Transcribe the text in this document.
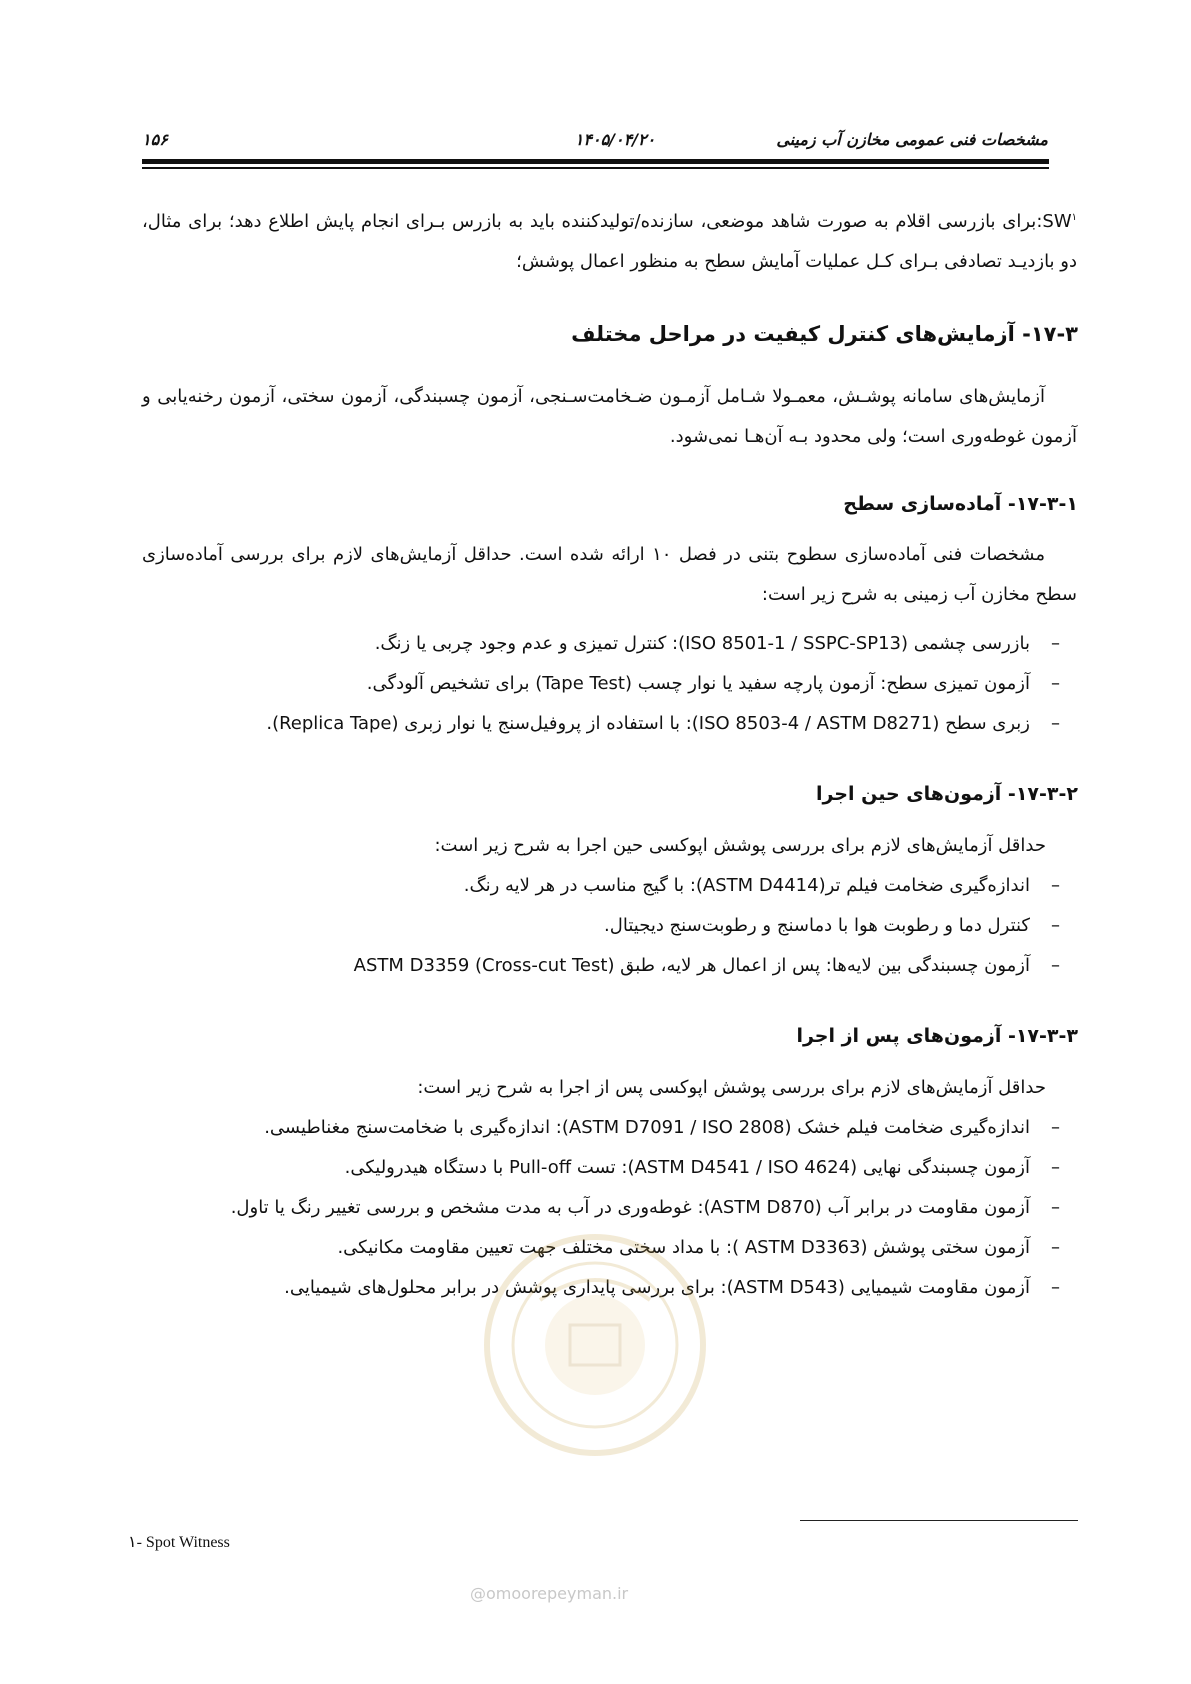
مشخصات فنی عمومی مخازن آب زمینی
۱۴۰۵/۰۴/۲۰
۱۵۶
$SW^۱:برای$ بازرسی اقلام به صورت شاهد موضعی، سازنده/تولیدکننده باید به بازرس بـرای انجام پایش اطلاع دهد؛ برای مثال، دو بازدیـد تصادفی بـرای کـل عملیات آمایش سطح به منظور اعمال پوشش؛
۱۷-۳- آزمایش‌های کنترل کیفیت در مراحل مختلف
آزمایش‌های سامانه پوشـش، معمـولا شـامل آزمـون ضـخامت‌سـنجی، آزمون چسبندگی، آزمون سختی، آزمون رخنه‌یابی و آزمون غوطه‌وری است؛ ولی محدود بـه آن‌هـا نمی‌شود.
۱۷-۳-۱- آماده‌سازی سطح
مشخصات فنی آماده‌سازی سطوح بتنی در فصل ۱۰ ارائه شده است. حداقل آزمایش‌های لازم برای بررسی آماده‌سازی سطح مخازن آب زمینی به شرح زیر است:
–
بازرسی چشمی (ISO 8501-1 / SSPC-SP13): کنترل تمیزی و عدم وجود چربی یا زنگ.
–
آزمون تمیزی سطح: آزمون پارچه سفید یا نوار چسب (Tape Test) برای تشخیص آلودگی.
–
زبری سطح (ISO 8503-4 / ASTM D8271): با استفاده از پروفیل‌سنج یا نوار زبری (Replica Tape).
۱۷-۳-۲- آزمون‌های حین اجرا
حداقل آزمایش‌های لازم برای بررسی پوشش اپوکسی حین اجرا به شرح زیر است:
–
اندازه‌گیری ضخامت فیلم تر(ASTM D4414): با گیج مناسب در هر لایه رنگ.
–
کنترل دما و رطوبت هوا با دماسنج و رطوبت‌سنج دیجیتال.
–
آزمون چسبندگی بین لایه‌ها: پس از اعمال هر لایه، طبق (ASTM D3359 (Cross-cut Test
۱۷-۳-۳- آزمون‌های پس از اجرا
حداقل آزمایش‌های لازم برای بررسی پوشش اپوکسی پس از اجرا به شرح زیر است:
–
اندازه‌گیری ضخامت فیلم خشک (ASTM D7091 / ISO 2808): اندازه‌گیری با ضخامت‌سنج مغناطیسی.
–
آزمون چسبندگی نهایی (ASTM D4541 / ISO 4624): تست Pull-off با دستگاه هیدرولیکی.
–
آزمون مقاومت در برابر آب (ASTM D870): غوطه‌وری در آب به مدت مشخص و بررسی تغییر رنگ یا تاول.
–
آزمون سختی پوشش (ASTM D3363 ): با مداد سختی مختلف جهت تعیین مقاومت مکانیکی.
–
آزمون مقاومت شیمیایی (ASTM D543): برای بررسی پایداری پوشش در برابر محلول‌های شیمیایی.
@omoorepeyman.ir
۱- Spot Witness
